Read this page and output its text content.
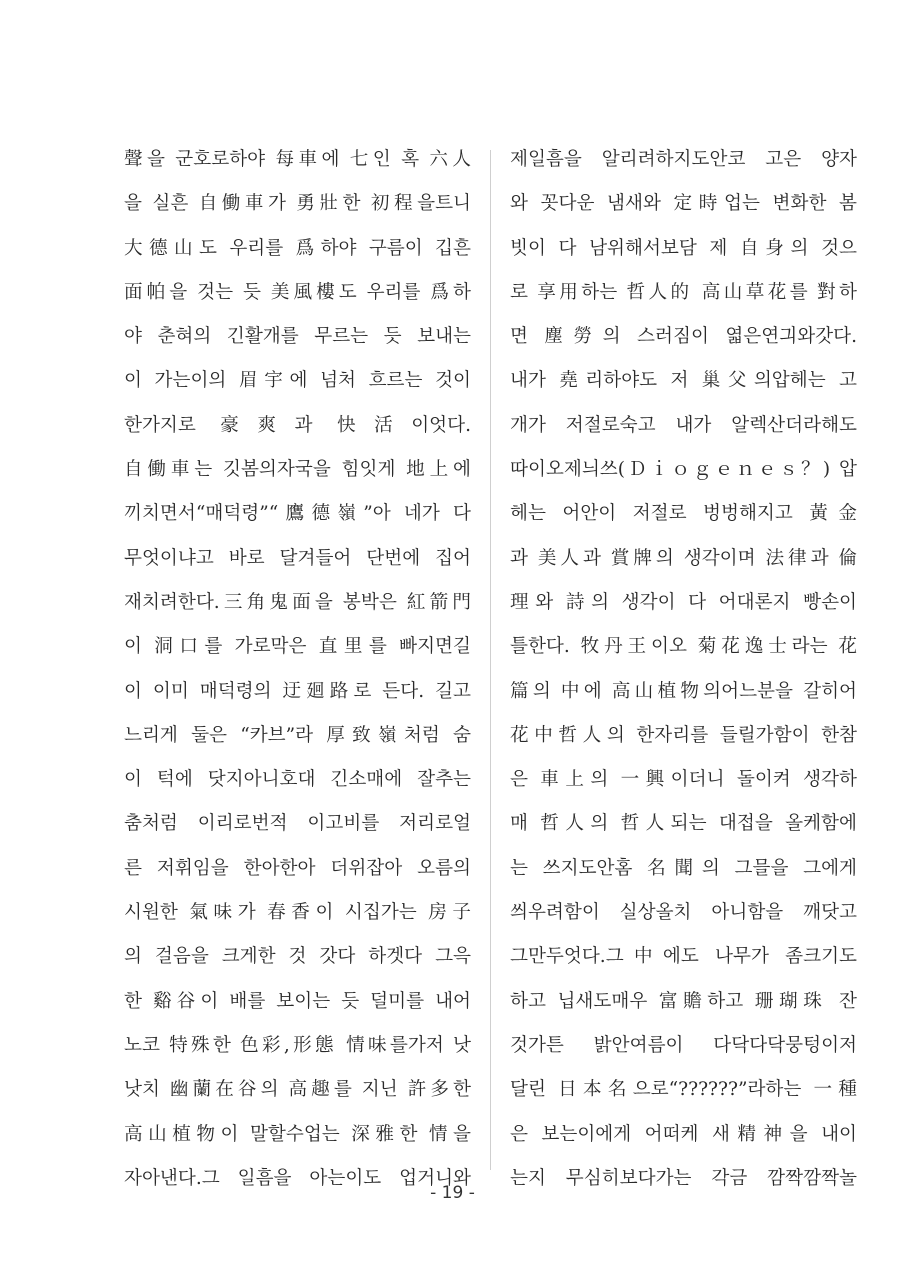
聲을 군호로하야 每車에 七인 혹 六人
을 실흔 自働車가 勇壯한 初程을트니
大德山도 우리를 爲하야 구름이 깁흔
面帕을 것는 듯 美風樓도 우리를 爲하
야 춘혀의 긴활개를 무르는 듯 보내는
이 가는이의 眉宇에 넘처 흐르는 것이
한가지로 豪爽과 快活이엇다.
自働車는 깃봄의자국을 힘잇게 地上에
끼치면서“매덕령”“鷹德嶺”아 네가 다
무엇이냐고 바로 달겨들어 단번에 집어
재치려한다.三角鬼面을 봉박은 紅箭門
이 洞口를 가로막은 直里를 빠지면길
이 이미 매덕령의 迂廻路로 든다. 길고
느리게 둘은 “카브”라 厚致嶺처럼 숨
이 턱에 닷지아니호대 긴소매에 잘추는
춤처럼 이리로번적 이고비를 저리로얼
른 저휘임을 한아한아 더위잡아 오름의
시원한 氣味가 春香이 시집가는 房子
의 걸음을 크게한 것 갓다 하겟다 그윽
한 谿谷이 배를 보이는 듯 덜미를 내어
노코 特殊한 色彩,形態 情味를가저 낫
낫치 幽蘭在谷의 高趣를 지닌 許多한
高山植物이 말할수업는 深雅한 情을
자아낸다.그 일흠을 아는이도 업거니와
제일흠을 알리려하지도안코 고은 양자
와 꼿다운 냄새와 定時업는 변화한 봄
빗이 다 남위해서보담 제 自身의 것으
로 享用하는 哲人的 高山草花를 對하
면 塵勞의 스러짐이 엷은연긔와갓다.
내가 堯리하야도 저 巢父의압헤는 고
개가 저절로숙고 내가 알렉산더라해도
따이오제늬쓰(Ｄｉｏｇｅｎｅｓ？) 압
헤는 어안이 저절로 벙벙해지고 黃金
과 美人과 賞牌의 생각이며 法律과 倫
理와 詩의 생각이 다 어대론지 빵손이
틀한다. 牧丹王이오 菊花逸士라는 花
篇의 中에 高山植物의어느분을 갈히어
花中哲人의 한자리를 들릴가함이 한참
은 車上의 一興이더니 돌이켜 생각하
매 哲人의 哲人되는 대접을 올케함에
는 쓰지도안홈 名聞의 그믈을 그에게
씌우려함이 실상올치 아니함을 깨닷고
그만두엇다.그中에도 나무가 좀크기도
하고 닙새도매우 富贍하고 珊瑚珠 잔
것가튼 밝안여름이 다닥다닥뭉텅이저
달린 日本名으로“??????”라하는 一種
은 보는이에게 어떠케 새精神을 내이
는지 무심히보다가는 각금 깜짝깜짝놀
- 19 -
